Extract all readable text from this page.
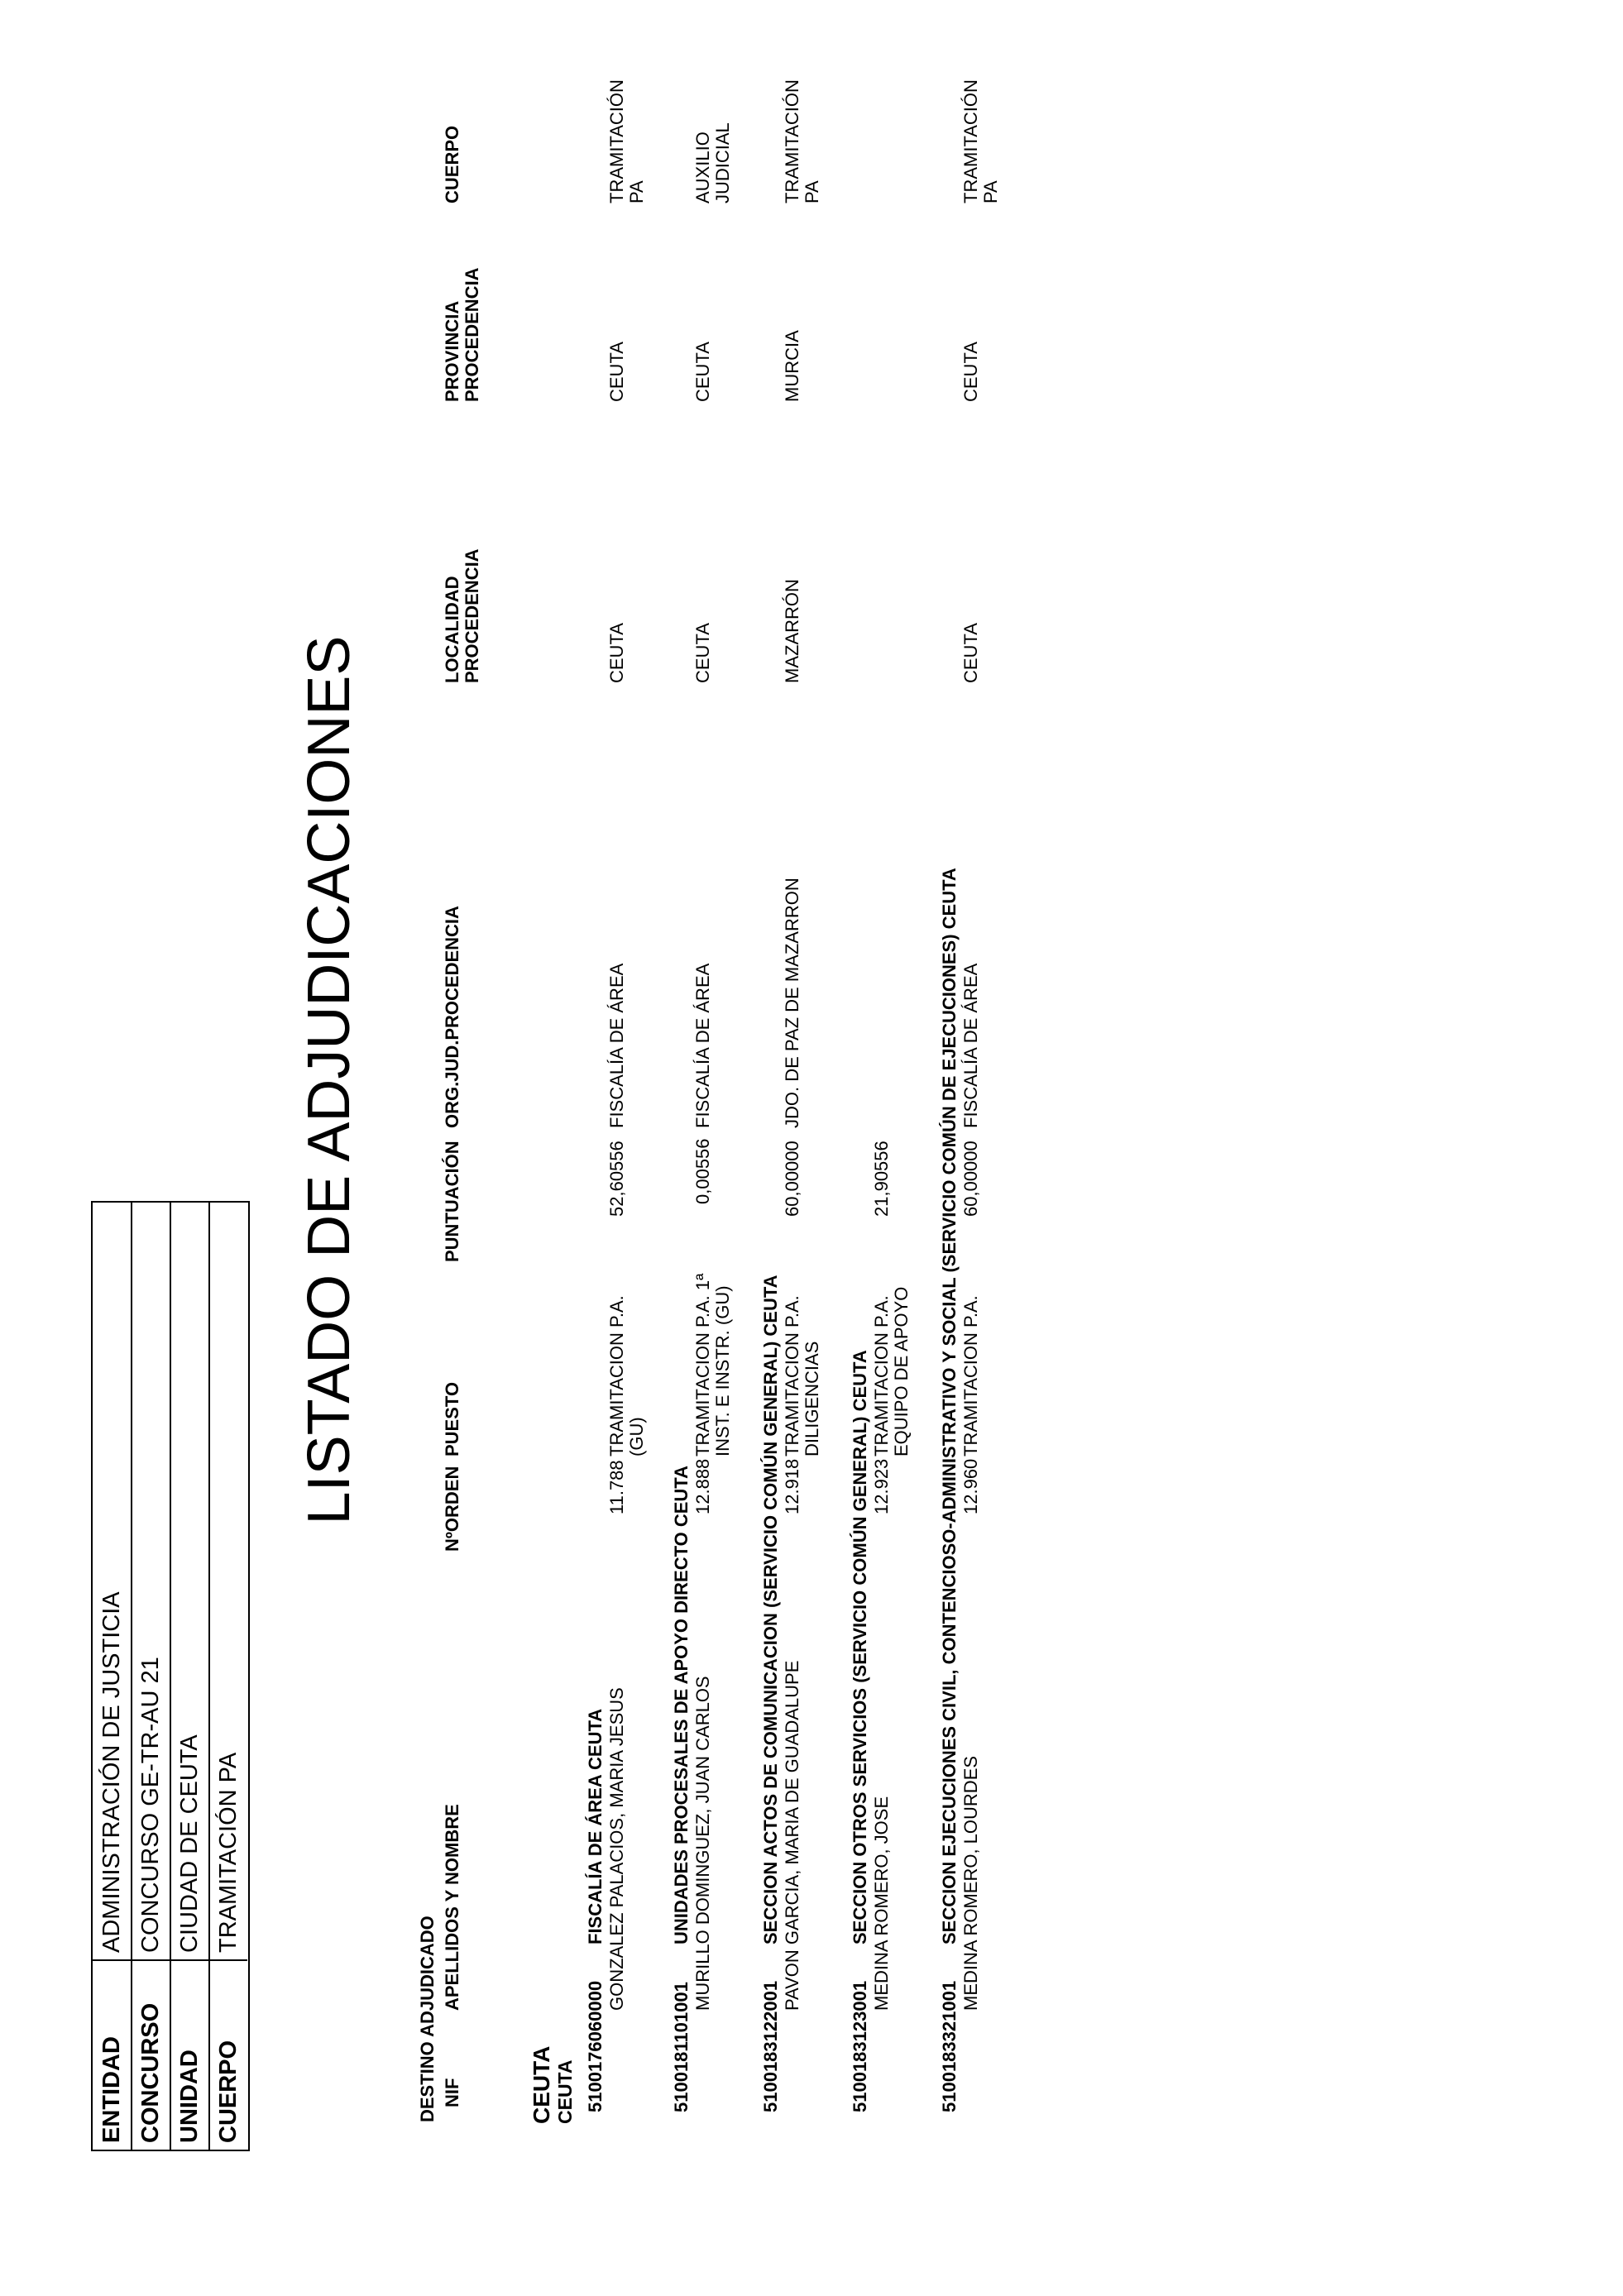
ENTIDAD
ADMINISTRACIÓN DE JUSTICIA
CONCURSO
CONCURSO GE-TR-AU 21
UNIDAD
CIUDAD DE CEUTA
CUERPO
TRAMITACIÓN PA
LISTADO DE ADJUDICACIONES
DESTINO ADJUDICADO NIF
APELLIDOS Y NOMBRE
NºORDEN
PUESTO
PUNTUACIÓN
ORG.JUD.PROCEDENCIA
LOCALIDAD PROCEDENCIA
PROVINCIA PROCEDENCIA
CUERPO
CEUTA CEUTA 5100176060000
FISCALÍA DE ÁREA CEUTA GONZALEZ PALACIOS, MARIA JESUS
11.788
TRAMITACION P.A. (GU)
52,60556
FISCALÍA DE ÁREA
CEUTA
CEUTA
TRAMITACIÓN PA
5100181101001
UNIDADES PROCESALES DE APOYO DIRECTO CEUTA MURILLO DOMINGUEZ, JUAN CARLOS
12.888
TRAMITACION P.A. 1ª INST. E INSTR. (GU)
0,00556
FISCALÍA DE ÁREA
CEUTA
CEUTA
AUXILIO JUDICIAL
5100183122001
SECCION ACTOS DE COMUNICACION (SERVICIO COMÚN GENERAL) CEUTA PAVON GARCIA, MARIA DE GUADALUPE
12.918
TRAMITACION P.A. DILIGENCIAS
60,00000
JDO. DE PAZ DE MAZARRON
MAZARRÓN
MURCIA
TRAMITACIÓN PA
5100183123001
SECCION OTROS SERVICIOS (SERVICIO COMÚN GENERAL) CEUTA MEDINA ROMERO, JOSE
12.923
TRAMITACION P.A. EQUIPO DE APOYO
21,90556
5100183321001
SECCION EJECUCIONES CIVIL, CONTENCIOSO-ADMINISTRATIVO Y SOCIAL (SERVICIO COMÚN DE EJECUCIONES) CEUTA MEDINA ROMERO, LOURDES
12.960
TRAMITACION P.A.
60,00000
FISCALÍA DE ÁREA
CEUTA
CEUTA
TRAMITACIÓN PA
